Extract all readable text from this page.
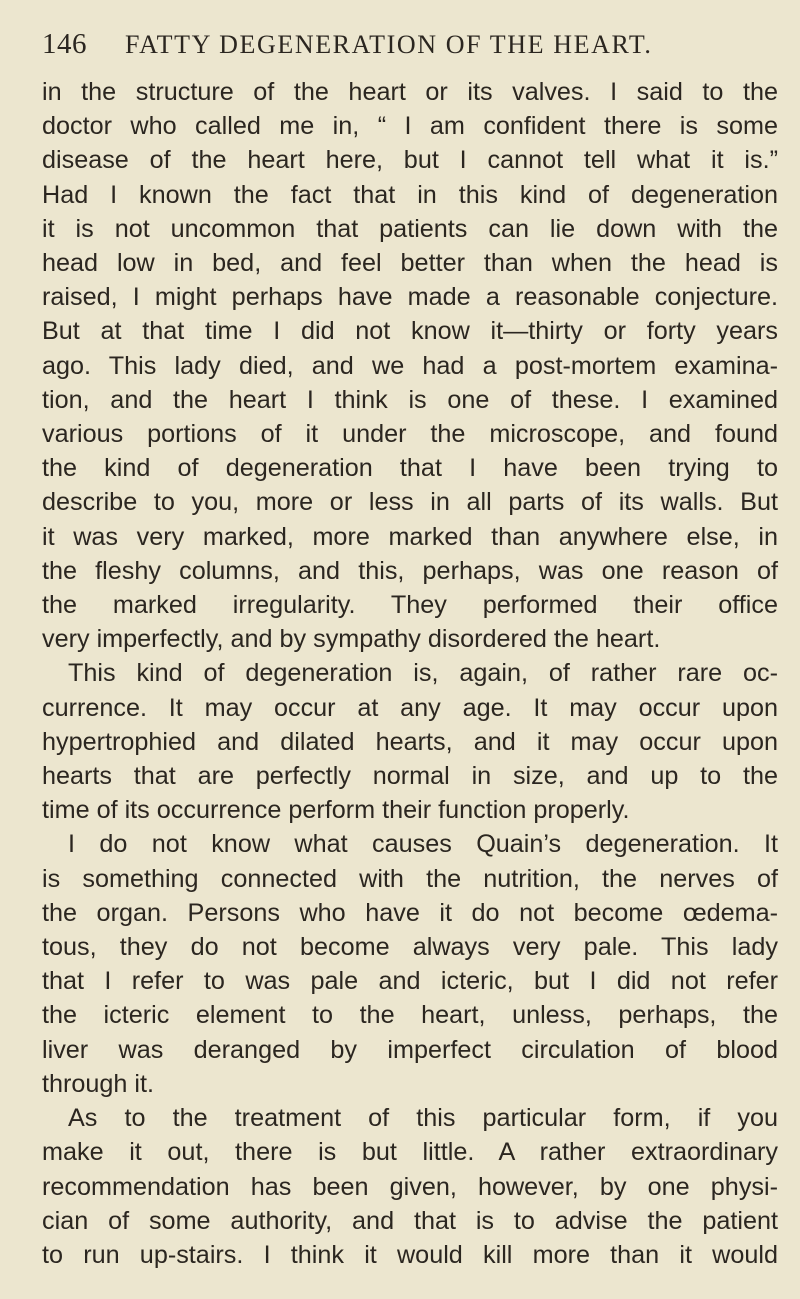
146 FATTY DEGENERATION OF THE HEART.
in the structure of the heart or its valves. I said to the
doctor who called me in, “ I am confident there is some
disease of the heart here, but I cannot tell what it is.”
Had I known the fact that in this kind of degeneration
it is not uncommon that patients can lie down with the
head low in bed, and feel better than when the head is
raised, I might perhaps have made a reasonable conjecture.
But at that time I did not know it—thirty or forty years
ago. This lady died, and we had a post-mortem examina-
tion, and the heart I think is one of these. I examined
various portions of it under the microscope, and found
the kind of degeneration that I have been trying to
describe to you, more or less in all parts of its walls. But
it was very marked, more marked than anywhere else, in
the fleshy columns, and this, perhaps, was one reason of
the marked irregularity. They performed their office
very imperfectly, and by sympathy disordered the heart.
This kind of degeneration is, again, of rather rare oc-
currence. It may occur at any age. It may occur upon
hypertrophied and dilated hearts, and it may occur upon
hearts that are perfectly normal in size, and up to the
time of its occurrence perform their function properly.
I do not know what causes Quain’s degeneration. It
is something connected with the nutrition, the nerves of
the organ. Persons who have it do not become œdema-
tous, they do not become always very pale. This lady
that I refer to was pale and icteric, but I did not refer
the icteric element to the heart, unless, perhaps, the
liver was deranged by imperfect circulation of blood
through it.
As to the treatment of this particular form, if you
make it out, there is but little. A rather extraordinary
recommendation has been given, however, by one physi-
cian of some authority, and that is to advise the patient
to run up-stairs. I think it would kill more than it would
